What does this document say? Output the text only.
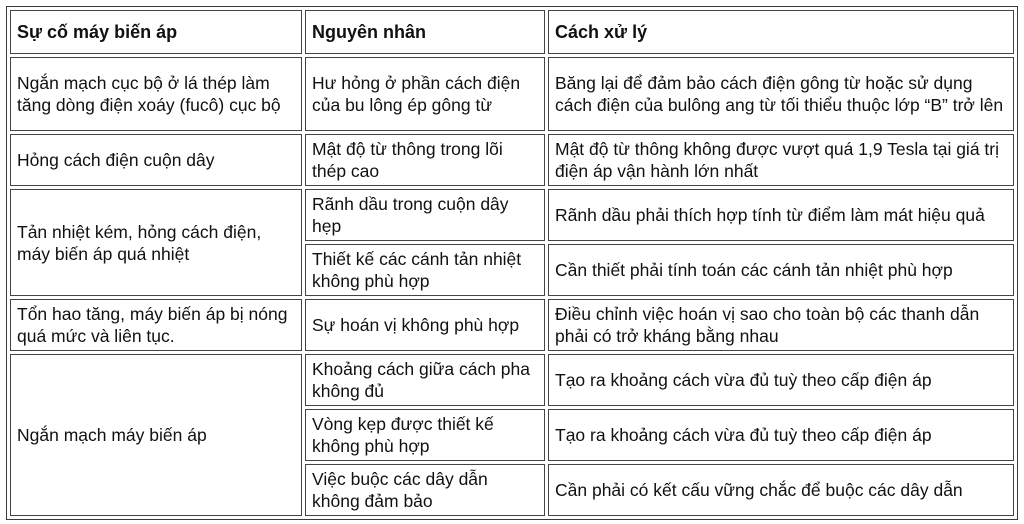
Sự cố máy biến áp	Nguyên nhân	Cách xử lý
Ngắn mạch cục bộ ở lá thép làm tăng dòng điện xoáy (fucô) cục bộ	Hư hỏng ở phần cách điện của bu lông ép gông từ	Băng lại để đảm bảo cách điện gông từ hoặc sử dụng cách điện của bulông ang từ tối thiểu thuộc lớp “B” trở lên
Hỏng cách điện cuộn dây	Mật độ từ thông trong lõi thép cao	Mật độ từ thông không được vượt quá 1,9 Tesla tại giá trị điện áp vận hành lớn nhất
Tản nhiệt kém, hỏng cách điện, máy biến áp quá nhiệt	Rãnh dầu trong cuộn dây hẹp	Rãnh dầu phải thích hợp tính từ điểm làm mát hiệu quả
	Thiết kế các cánh tản nhiệt không phù hợp	Cần thiết phải tính toán các cánh tản nhiệt phù hợp
Tổn hao tăng, máy biến áp bị nóng quá mức và liên tục.	Sự hoán vị không phù hợp	Điều chỉnh việc hoán vị sao cho toàn bộ các thanh dẫn phải có trở kháng bằng nhau
Ngắn mạch máy biến áp	Khoảng cách giữa cách pha không đủ	Tạo ra khoảng cách vừa đủ tuỳ theo cấp điện áp
	Vòng kẹp được thiết kế không phù hợp	Tạo ra khoảng cách vừa đủ tuỳ theo cấp điện áp
	Việc buộc các dây dẫn không đảm bảo	Cần phải có kết cấu vững chắc để buộc các dây dẫn
